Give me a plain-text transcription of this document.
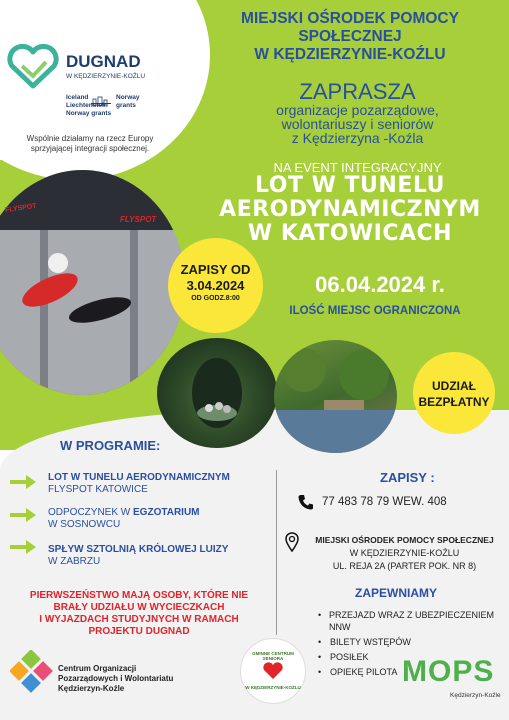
DUGNAD
W KĘDZIERZYNIE-KOŹLU
Iceland Liechtenstein Norway grants
Norway grants
Wspólnie działamy na rzecz Europy sprzyjającej integracji społecznej.
MIEJSKI OŚRODEK POMOCY
SPOŁECZNEJ
W KĘDZIERZYNIE-KOŹLU
ZAPRASZA
organizacje pozarządowe,
wolontariuszy i seniorów
z Kędzierzyna -Koźla
NA EVENT INTEGRACYJNY
LOT W TUNELU
AERODYNAMICZNYM
W KATOWICACH
06.04.2024 r.
ILOŚĆ MIEJSC OGRANICZONA
FLYSPOT
FLYSPOT
ZAPISY OD
3.04.2024
OD GODZ.8:00
UDZIAŁ
BEZPŁATNY
W PROGRAMIE:
LOT W TUNELU AERODYNAMICZNYM
FLYSPOT KATOWICE
ODPOCZYNEK W EGZOTARIUM
W SOSNOWCU
SPŁYW SZTOLNIĄ KRÓLOWEJ LUIZY
W ZABRZU
PIERWSZEŃSTWO MAJĄ OSOBY, KTÓRE NIE
BRAŁY UDZIAŁU W WYCIECZKACH
I WYJAZDACH STUDYJNYCH W RAMACH
PROJEKTU DUGNAD
ZAPISY :
77 483 78 79 WEW. 408
MIEJSKI OŚRODEK POMOCY SPOŁECZNEJ
W KĘDZIERZYNIE-KOŹLU
UL. REJA 2A (PARTER POK. NR 8)
ZAPEWNIAMY
• PRZEJAZD WRAZ Z UBEZPIECZENIEM NNW
• BILETY WSTĘPÓW
• POSIŁEK
• OPIEKĘ PILOTA
Centrum Organizacji
Pozarządowych i Wolontariatu
Kędzierzyn-Koźle
GMINNE CENTRUM SENIORA
W KĘDZIERZYNIE-KOŹLU	MOPS
Kędzierzyn-Koźle
